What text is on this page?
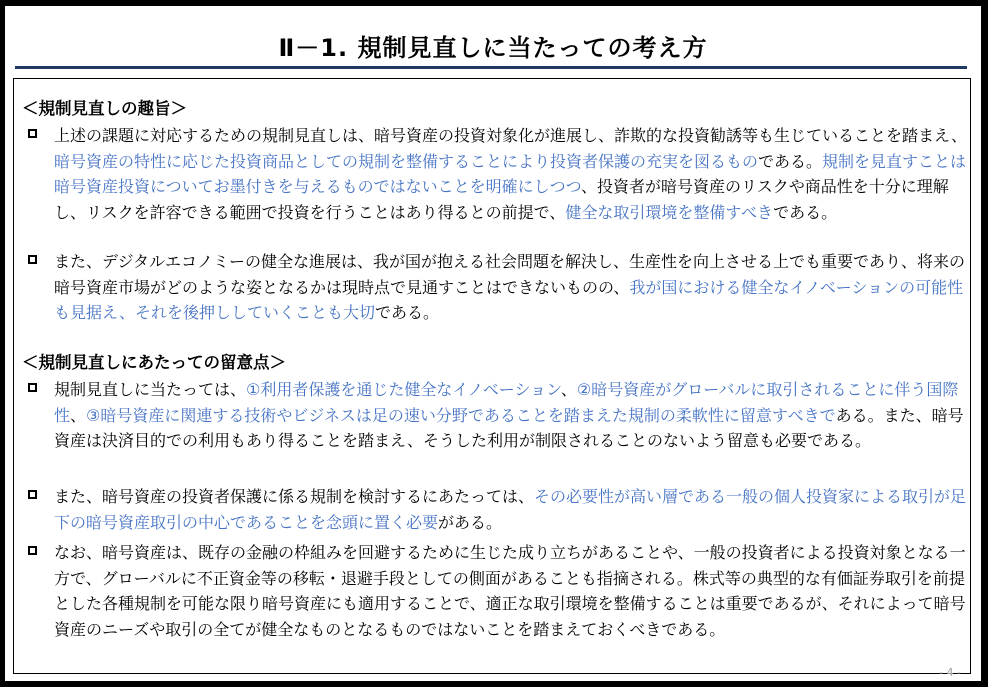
Ⅱ－1. 規制見直しに当たっての考え方
＜規制見直しの趣旨＞
上述の課題に対応するための規制見直しは、暗号資産の投資対象化が進展し、詐欺的な投資勧誘等も生じていることを踏まえ、暗号資産の特性に応じた投資商品としての規制を整備することにより投資者保護の充実を図るものである。規制を見直すことは暗号資産投資についてお墨付きを与えるものではないことを明確にしつつ、投資者が暗号資産のリスクや商品性を十分に理解し、リスクを許容できる範囲で投資を行うことはあり得るとの前提で、健全な取引環境を整備すべきである。
また、デジタルエコノミーの健全な進展は、我が国が抱える社会問題を解決し、生産性を向上させる上でも重要であり、将来の暗号資産市場がどのような姿となるかは現時点で見通すことはできないものの、我が国における健全なイノベーションの可能性も見据え、それを後押ししていくことも大切である。
＜規制見直しにあたっての留意点＞
規制見直しに当たっては、①利用者保護を通じた健全なイノベーション、②暗号資産がグローバルに取引されることに伴う国際性、③暗号資産に関連する技術やビジネスは足の速い分野であることを踏まえた規制の柔軟性に留意すべきである。また、暗号資産は決済目的での利用もあり得ることを踏まえ、そうした利用が制限されることのないよう留意も必要である。
また、暗号資産の投資者保護に係る規制を検討するにあたっては、その必要性が高い層である一般の個人投資家による取引が足下の暗号資産取引の中心であることを念頭に置く必要がある。
なお、暗号資産は、既存の金融の枠組みを回避するために生じた成り立ちがあることや、一般の投資者による投資対象となる一方で、グローバルに不正資金等の移転・退避手段としての側面があることも指摘される。株式等の典型的な有価証券取引を前提とした各種規制を可能な限り暗号資産にも適用することで、適正な取引環境を整備することは重要であるが、それによって暗号資産のニーズや取引の全てが健全なものとなるものではないことを踏まえておくべきである。
- 4 -
